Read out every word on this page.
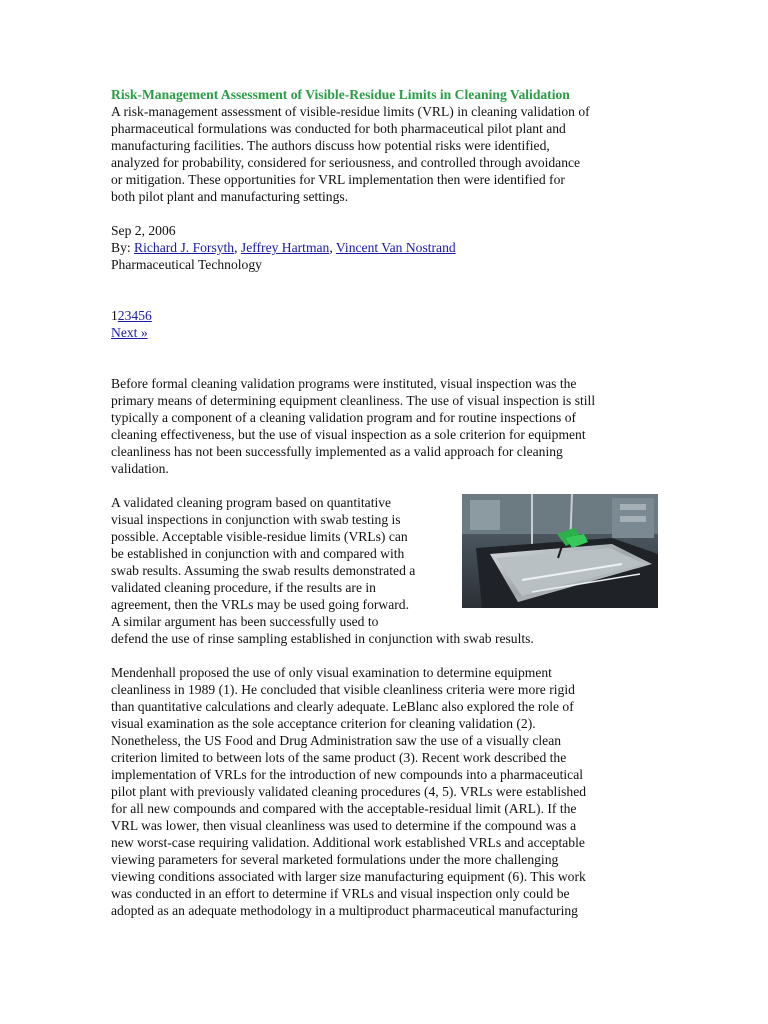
Risk-Management Assessment of Visible-Residue Limits in Cleaning Validation

A risk-management assessment of visible-residue limits (VRL) in cleaning validation of
pharmaceutical formulations was conducted for both pharmaceutical pilot plant and
manufacturing facilities. The authors discuss how potential risks were identified,
analyzed for probability, considered for seriousness, and controlled through avoidance
or mitigation. These opportunities for VRL implementation then were identified for
both pilot plant and manufacturing settings.
Sep 2, 2006
By: Richard J. Forsyth, Jeffrey Hartman, Vincent Van Nostrand
Pharmaceutical Technology
123456
Next »
Before formal cleaning validation programs were instituted, visual inspection was the
primary means of determining equipment cleanliness. The use of visual inspection is still
typically a component of a cleaning validation program and for routine inspections of
cleaning effectiveness, but the use of visual inspection as a sole criterion for equipment
cleanliness has not been successfully implemented as a valid approach for cleaning
validation.
A validated cleaning program based on quantitative
visual inspections in conjunction with swab testing is
possible. Acceptable visible-residue limits (VRLs) can
be established in conjunction with and compared with
swab results. Assuming the swab results demonstrated a
validated cleaning procedure, if the results are in
agreement, then the VRLs may be used going forward.
A similar argument has been successfully used to
defend the use of rinse sampling established in conjunction with swab results.
Mendenhall proposed the use of only visual examination to determine equipment
cleanliness in 1989 (1). He concluded that visible cleanliness criteria were more rigid
than quantitative calculations and clearly adequate. LeBlanc also explored the role of
visual examination as the sole acceptance criterion for cleaning validation (2).
Nonetheless, the US Food and Drug Administration saw the use of a visually clean
criterion limited to between lots of the same product (3). Recent work described the
implementation of VRLs for the introduction of new compounds into a pharmaceutical
pilot plant with previously validated cleaning procedures (4, 5). VRLs were established
for all new compounds and compared with the acceptable-residual limit (ARL). If the
VRL was lower, then visual cleanliness was used to determine if the compound was a
new worst-case requiring validation. Additional work established VRLs and acceptable
viewing parameters for several marketed formulations under the more challenging
viewing conditions associated with larger size manufacturing equipment (6). This work
was conducted in an effort to determine if VRLs and visual inspection only could be
adopted as an adequate methodology in a multiproduct pharmaceutical manufacturing
